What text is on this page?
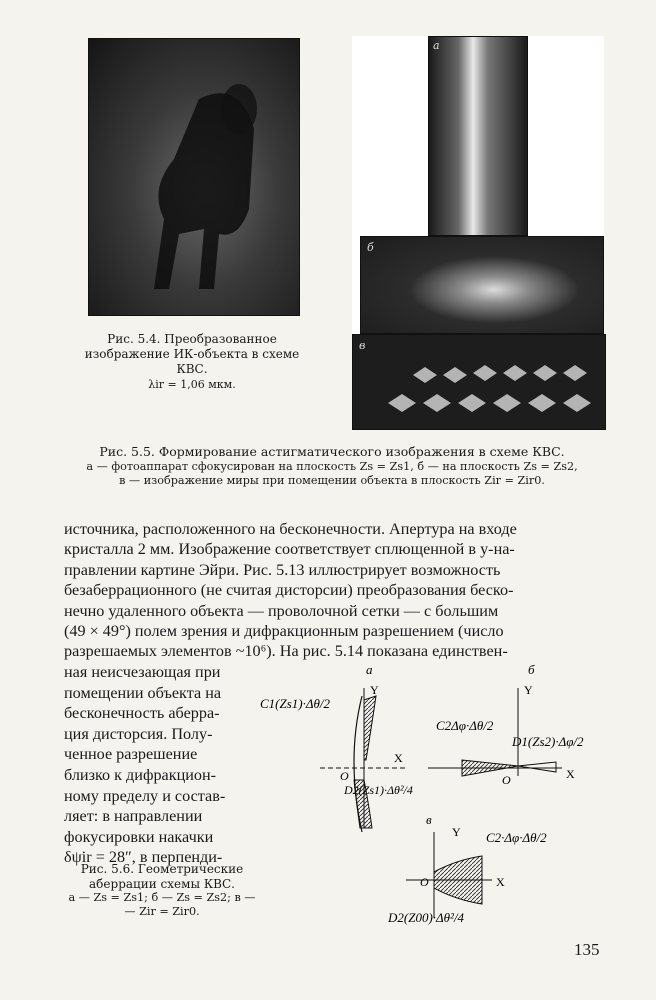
Рис. 5.4. Преобразованное изображение ИК-объекта в схеме КВС.
λir = 1,06 мкм.
а
б
в
Рис. 5.5. Формирование астигматического изображения в схеме КВС.
а — фотоаппарат сфокусирован на плоскость Zs = Zs1, б — на плоскость Zs = Zs2,
в — изображение миры при помещении объекта в плоскость Zir = Zir0.
источника, расположенного на бесконечности. Апертура на входе
кристалла 2 мм. Изображение соответствует сплющенной в y-на-
правлении картине Эйри. Рис. 5.13 иллюстрирует возможность
безаберрационного (не считая дисторсии) преобразования беско-
нечно удаленного объекта — проволочной сетки — с большим
(49 × 49°) полем зрения и дифракционным разрешением (число
разрешаемых элементов ~10⁶). На рис. 5.14 показана единствен-
ная неисчезающая при
помещении объекта на
бесконечность аберра-
ция дисторсия. Полу-
ченное разрешение
близко к дифракцион-
ному пределу и состав-
ляет: в направлении
фокусировки накачки
δψir = 28″, в перпенди-
а
Y
X
O
C1(Zs1)·Δθ/2
D2(Zs1)·Δθ²/4
б
Y
X
O
C2Δφ·Δθ/2
D1(Zs2)·Δφ/2
в
Y
X
O
C2·Δφ·Δθ/2
D2(Z00)·Δθ²/4
Рис. 5.6. Геометрические аберрации схемы КВС.
а — Zs = Zs1; б — Zs = Zs2; в —
— Zir = Zir0.
135
